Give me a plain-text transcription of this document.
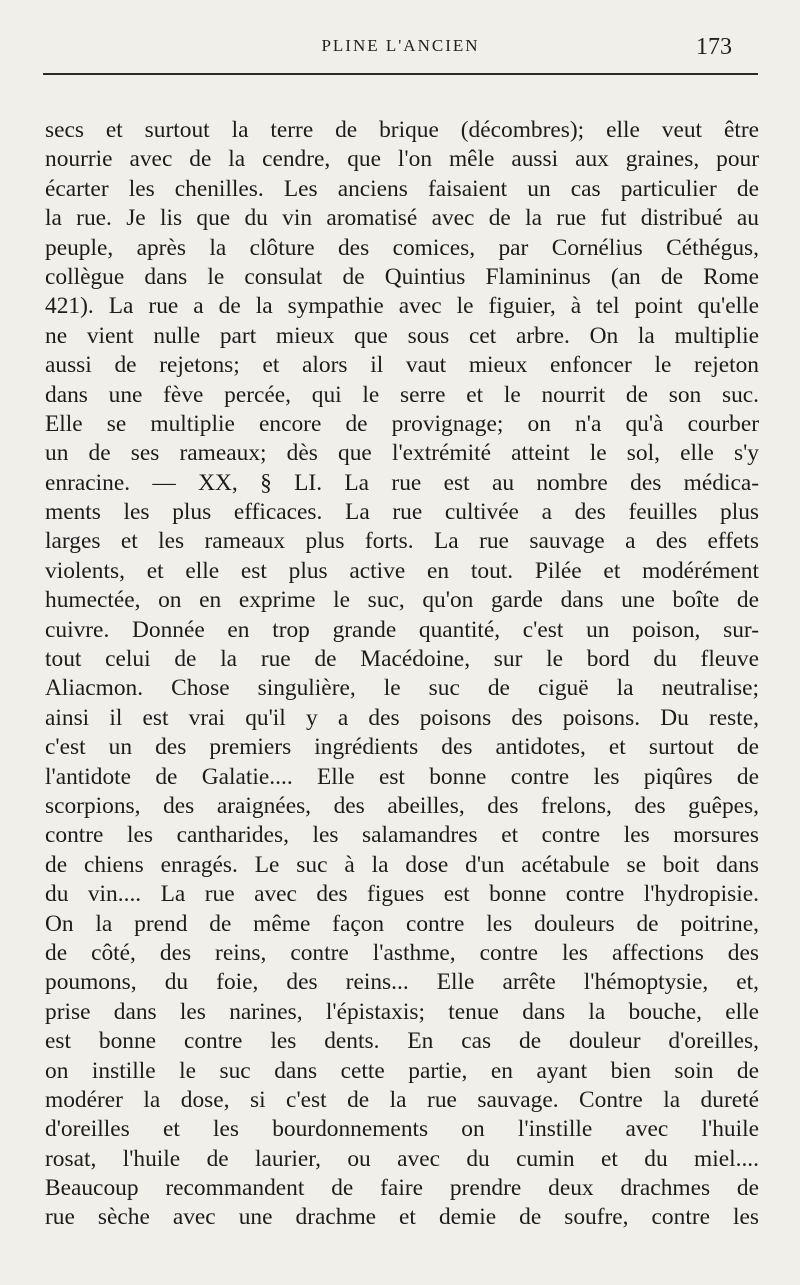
PLINE L'ANCIEN	173
secs et surtout la terre de brique (décombres); elle veut être
nourrie avec de la cendre, que l'on mêle aussi aux graines, pour
écarter les chenilles. Les anciens faisaient un cas particulier de
la rue. Je lis que du vin aromatisé avec de la rue fut distribué au
peuple, après la clôture des comices, par Cornélius Céthégus,
collègue dans le consulat de Quintius Flamininus (an de Rome
421). La rue a de la sympathie avec le figuier, à tel point qu'elle
ne vient nulle part mieux que sous cet arbre. On la multiplie
aussi de rejetons; et alors il vaut mieux enfoncer le rejeton
dans une fève percée, qui le serre et le nourrit de son suc.
Elle se multiplie encore de provignage; on n'a qu'à courber
un de ses rameaux; dès que l'extrémité atteint le sol, elle s'y
enracine. — XX, § LI. La rue est au nombre des médica-
ments les plus efficaces. La rue cultivée a des feuilles plus
larges et les rameaux plus forts. La rue sauvage a des effets
violents, et elle est plus active en tout. Pilée et modérément
humectée, on en exprime le suc, qu'on garde dans une boîte de
cuivre. Donnée en trop grande quantité, c'est un poison, sur-
tout celui de la rue de Macédoine, sur le bord du fleuve
Aliacmon. Chose singulière, le suc de ciguë la neutralise;
ainsi il est vrai qu'il y a des poisons des poisons. Du reste,
c'est un des premiers ingrédients des antidotes, et surtout de
l'antidote de Galatie.... Elle est bonne contre les piqûres de
scorpions, des araignées, des abeilles, des frelons, des guêpes,
contre les cantharides, les salamandres et contre les morsures
de chiens enragés. Le suc à la dose d'un acétabule se boit dans
du vin.... La rue avec des figues est bonne contre l'hydropisie.
On la prend de même façon contre les douleurs de poitrine,
de côté, des reins, contre l'asthme, contre les affections des
poumons, du foie, des reins... Elle arrête l'hémoptysie, et,
prise dans les narines, l'épistaxis; tenue dans la bouche, elle
est bonne contre les dents. En cas de douleur d'oreilles,
on instille le suc dans cette partie, en ayant bien soin de
modérer la dose, si c'est de la rue sauvage. Contre la dureté
d'oreilles et les bourdonnements on l'instille avec l'huile
rosat, l'huile de laurier, ou avec du cumin et du miel....
Beaucoup recommandent de faire prendre deux drachmes de
rue sèche avec une drachme et demie de soufre, contre les
